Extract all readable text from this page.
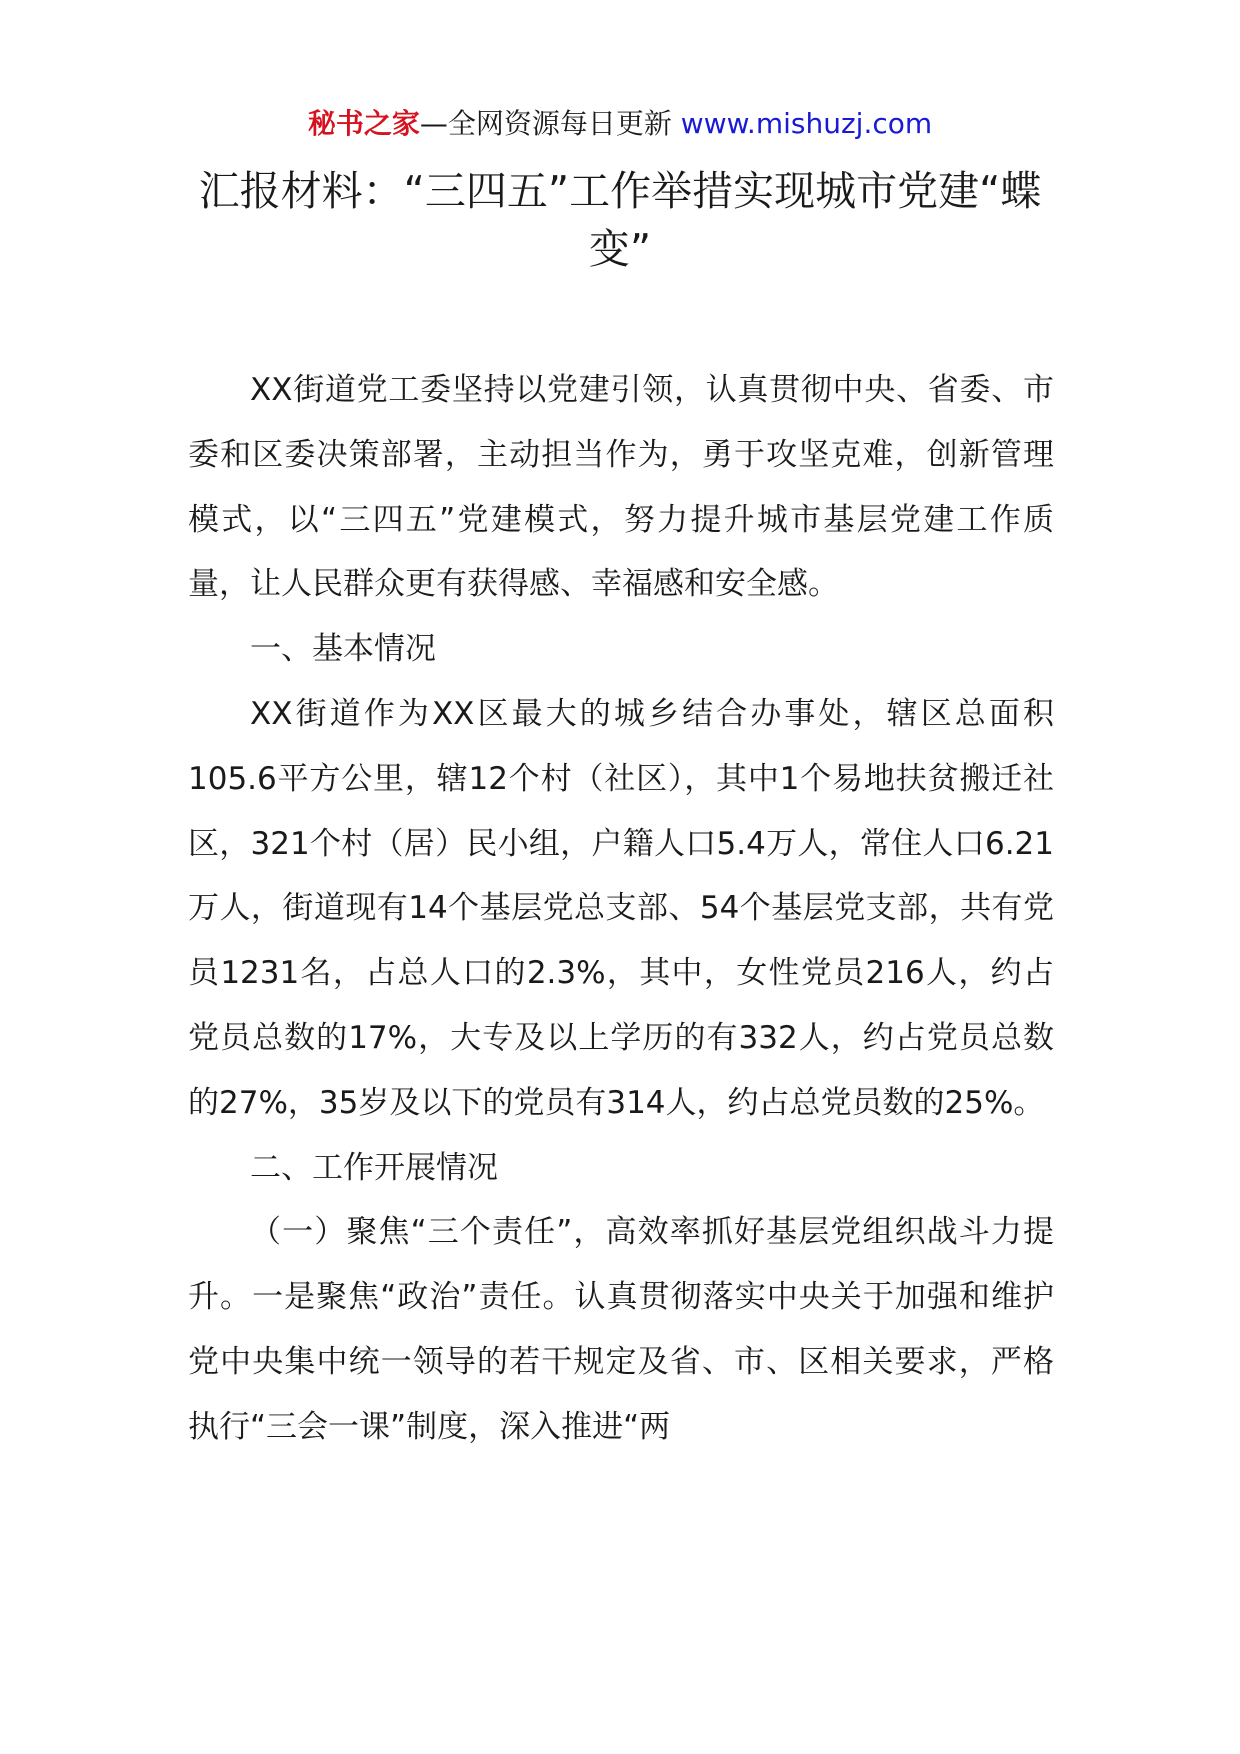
秘书之家—全网资源每日更新 www.mishuzj.com
汇报材料：“三四五”工作举措实现城市党建“蝶变”

XX街道党工委坚持以党建引领，认真贯彻中央、省委、市委和区委决策部署，主动担当作为，勇于攻坚克难，创新管理模式，以“三四五”党建模式，努力提升城市基层党建工作质量，让人民群众更有获得感、幸福感和安全感。

一、基本情况

XX街道作为XX区最大的城乡结合办事处，辖区总面积105.6平方公里，辖12个村（社区），其中1个易地扶贫搬迁社区，321个村（居）民小组，户籍人口5.4万人，常住人口6.21万人，街道现有14个基层党总支部、54个基层党支部，共有党员1231名，占总人口的2.3%，其中，女性党员216人，约占党员总数的17%，大专及以上学历的有332人，约占党员总数的27%，35岁及以下的党员有314人，约占总党员数的25%。

二、工作开展情况

（一）聚焦“三个责任”，高效率抓好基层党组织战斗力提升。一是聚焦“政治”责任。认真贯彻落实中央关于加强和维护党中央集中统一领导的若干规定及省、市、区相关要求，严格执行“三会一课”制度，深入推进“两
